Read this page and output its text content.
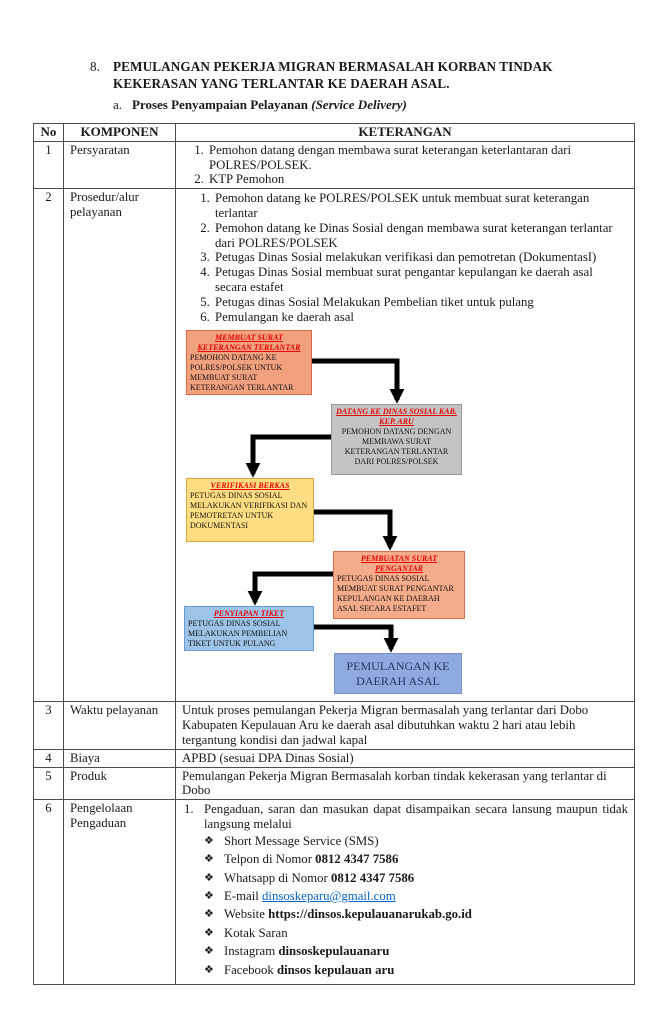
8. PEMULANGAN PEKERJA MIGRAN BERMASALAH KORBAN TINDAK KEKERASAN YANG TERLANTAR KE DAERAH ASAL.
a. Proses Penyampaian Pelayanan (Service Delivery)
No	KOMPONEN	KETERANGAN
1	Persyaratan	
1.Pemohon datang dengan membawa surat keterangan keterlantaran dari POLRES/POLSEK.
2. KTP Pemohon

2	Prosedur/alur pelayanan	
1. Pemohon datang ke POLRES/POLSEK untuk membuat surat keterangan terlantar
2. Pemohon datang ke Dinas Sosial dengan membawa surat keterangan terlantar dari POLRES/POLSEK
3. Petugas Dinas Sosial melakukan verifikasi dan pemotretan (DokumentasI)
4. Petugas Dinas Sosial membuat surat pengantar kepulangan ke daerah asal secara estafet
5. Petugas dinas Sosial Melakukan Pembelian tiket untuk pulang
6. Pemulangan ke daerah asal
MEMBUAT SURAT KETERANGAN TERLANTAR
PEMOHON DATANG KE POLRES/POLSEK UNTUK MEMBUAT SURAT KETERANGAN TERLANTAR
DATANG KE DINAS SOSIAL KAB. KEP. ARU
PEMOHON DATANG DENGAN MEMBAWA SURAT KETERANGAN TERLANTAR DARI POLRES/POLSEK
VERIFIKASI BERKAS
PETUGAS DINAS SOSIAL MELAKUKAN VERIFIKASI DAN PEMOTRETAN UNTUK DOKUMENTASI
PEMBUATAN SURAT PENGANTAR
PETUGAS DINAS SOSIAL MEMBUAT SURAT PENGANTAR KEPULANGAN KE DAERAH ASAL SECARA ESTAFET
PENYIAPAN TIKET
PETUGAS DINAS SOSIAL MELAKUKAN PEMBELIAN TIKET UNTUK PULANG
PEMULANGAN KE DAERAH ASAL

3	Waktu pelayanan	Untuk proses pemulangan Pekerja Migran bermasalah yang terlantar dari Dobo Kabupaten Kepulauan Aru ke daerah asal dibutuhkan waktu 2 hari atau lebih tergantung kondisi dan jadwal kapal
4	Biaya	APBD (sesuai DPA Dinas Sosial)
5	Produk	Pemulangan Pekerja Migran Bermasalah korban tindak kekerasan yang terlantar di Dobo
6	Pengelolaan Pengaduan	
1. Pengaduan, saran dan masukan dapat disampaikan secara lansung maupun tidak langsung melalui
❖ Short Message Service (SMS)
❖ Telpon di Nomor 0812 4347 7586
❖ Whatsapp di Nomor 0812 4347 7586
❖ E-mail dinsoskeparu@gmail.com
❖ Website https://dinsos.kepulauanarukab.go.id
❖ Kotak Saran
❖ Instagram dinsoskepulauanaru
❖ Facebook dinsos kepulauan aru
